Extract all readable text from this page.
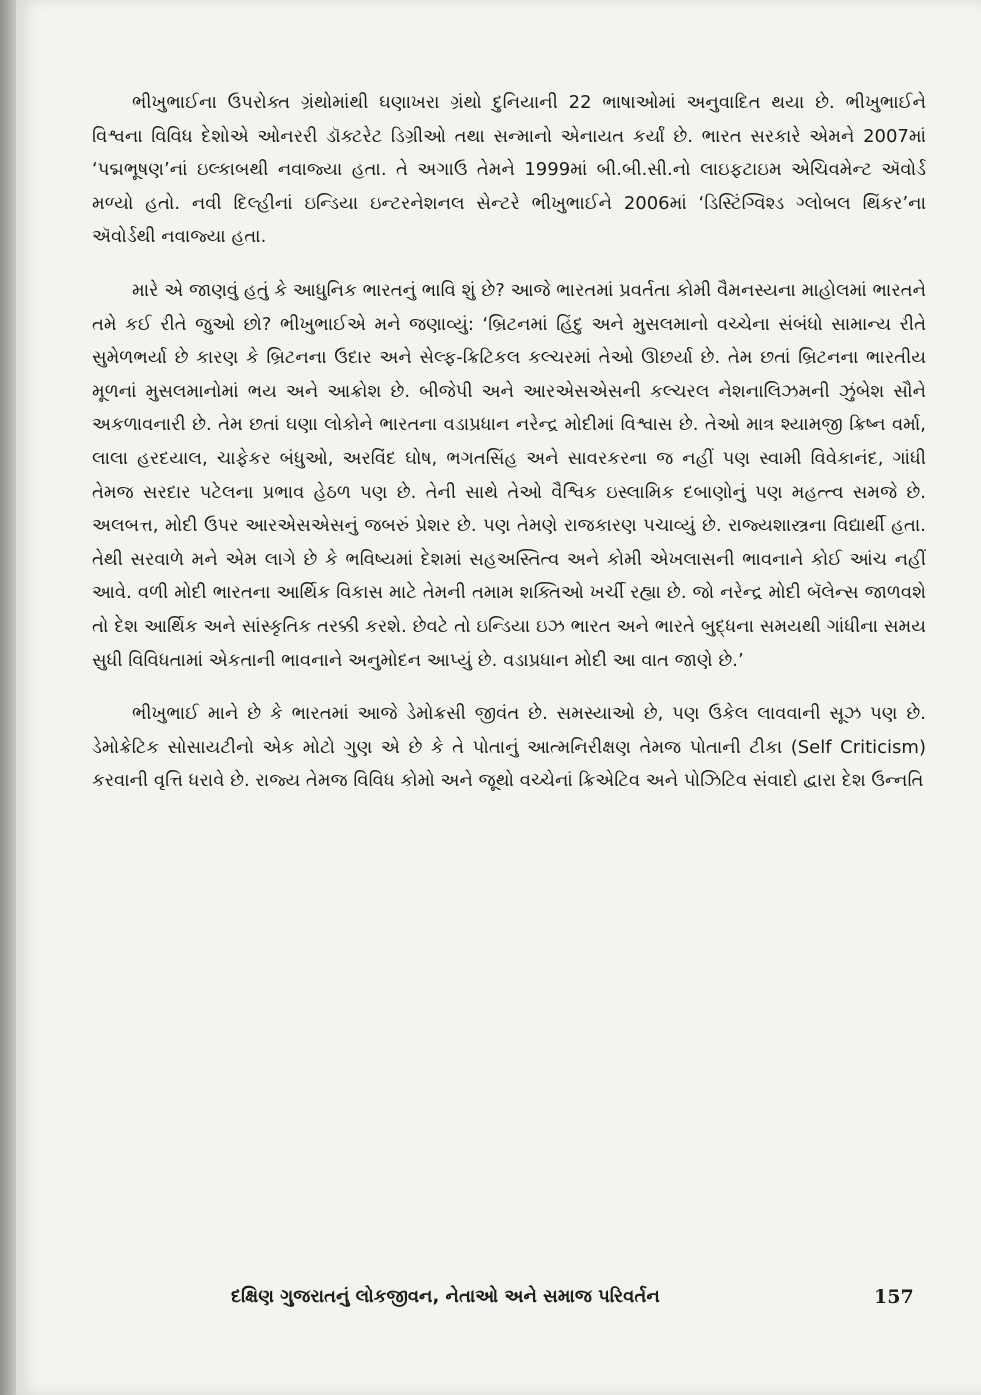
ભીખુભાઈના ઉપરોક્ત ગ્રંથોમાંથી ઘણાખરા ગ્રંથો દુનિયાની 22 ભાષાઓમાં અનુવાદિત થયા છે. ભીખુભાઈને વિશ્વના વિવિધ દેશોએ ઓનરરી ડૉક્ટરેટ ડિગ્રીઓ તથા સન્માનો એનાયત કર્યાં છે. ભારત સરકારે એમને 2007માં ‘પદ્મભૂષણ’નાં ઇલ્કાબથી નવાજ્યા હતા. તે અગાઉ તેમને 1999માં બી.બી.સી.નો લાઇફટાઇમ એચિવમેન્ટ ઍવોર્ડ મળ્યો હતો. નવી દિલ્હીનાં ઇન્ડિયા ઇન્ટરનેશનલ સેન્ટરે ભીખુભાઈને 2006માં ‘ડિસ્ટિંગ્વિશ્ડ ગ્લોબલ થિંકર’ના ઍવોર્ડથી નવાજ્યા હતા.

મારે એ જાણવું હતું કે આધુનિક ભારતનું ભાવિ શું છે? આજે ભારતમાં પ્રવર્તતા કોમી વૈમનસ્યના માહોલમાં ભારતને તમે કઈ રીતે જુઓ છો? ભીખુભાઈએ મને જણાવ્યું: ‘બ્રિટનમાં હિંદુ અને મુસલમાનો વચ્ચેના સંબંધો સામાન્ય રીતે સુમેળભર્યા છે કારણ કે બ્રિટનના ઉદાર અને સેલ્ફ-ક્રિટિકલ કલ્ચરમાં તેઓ ઊછર્યા છે. તેમ છતાં બ્રિટનના ભારતીય મૂળનાં મુસલમાનોમાં ભય અને આક્રોશ છે. બીજેપી અને આરએસએસની કલ્ચરલ નેશનાલિઝમની ઝુંબેશ સૌને અકળાવનારી છે. તેમ છતાં ઘણા લોકોને ભારતના વડાપ્રધાન નરેન્દ્ર મોદીમાં વિશ્વાસ છે. તેઓ માત્ર શ્યામજી ક્રિષ્ન વર્મા, લાલા હરદયાલ, ચાફેકર બંધુઓ, અરવિંદ ઘોષ, ભગતસિંહ અને સાવરકરના જ નહીં પણ સ્વામી વિવેકાનંદ, ગાંધી તેમજ સરદાર પટેલના પ્રભાવ હેઠળ પણ છે. તેની સાથે તેઓ વૈશ્વિક ઇસ્લામિક દબાણોનું પણ મહત્ત્વ સમજે છે. અલબત્ત, મોદી ઉપર આરએસએસનું જબરું પ્રેશર છે. પણ તેમણે રાજકારણ પચાવ્યું છે. રાજ્યશાસ્ત્રના વિદ્યાર્થી હતા. તેથી સરવાળે મને એમ લાગે છે કે ભવિષ્યમાં દેશમાં સહઅસ્તિત્વ અને કોમી એખલાસની ભાવનાને કોઈ આંચ નહીં આવે. વળી મોદી ભારતના આર્થિક વિકાસ માટે તેમની તમામ શક્તિઓ ખર્ચી રહ્યા છે. જો નરેન્દ્ર મોદી બૅલેન્સ જાળવશે તો દેશ આર્થિક અને સાંસ્કૃતિક તરક્કી કરશે. છેવટે તો ઇન્ડિયા ઇઝ ભારત અને ભારતે બુદ્ધના સમયથી ગાંધીના સમય સુધી વિવિધતામાં એકતાની ભાવનાને અનુમોદન આપ્યું છે. વડાપ્રધાન મોદી આ વાત જાણે છે.’

ભીખુભાઈ માને છે કે ભારતમાં આજે ડેમોક્રસી જીવંત છે. સમસ્યાઓ છે, પણ ઉકેલ લાવવાની સૂઝ પણ છે. ડેમોક્રેટિક સોસાયટીનો એક મોટો ગુણ એ છે કે તે પોતાનું આત્મનિરીક્ષણ તેમજ પોતાની ટીકા (Self Criticism) કરવાની વૃત્તિ ધરાવે છે. રાજ્ય તેમજ વિવિધ કોમો અને જૂથો વચ્ચેનાં ક્રિએટિવ અને પોઝિટિવ સંવાદો દ્વારા દેશ ઉન્નતિ

દક્ષિણ ગુજરાતનું લોકજીવન, નેતાઓ અને સમાજ પરિવર્તન	157
